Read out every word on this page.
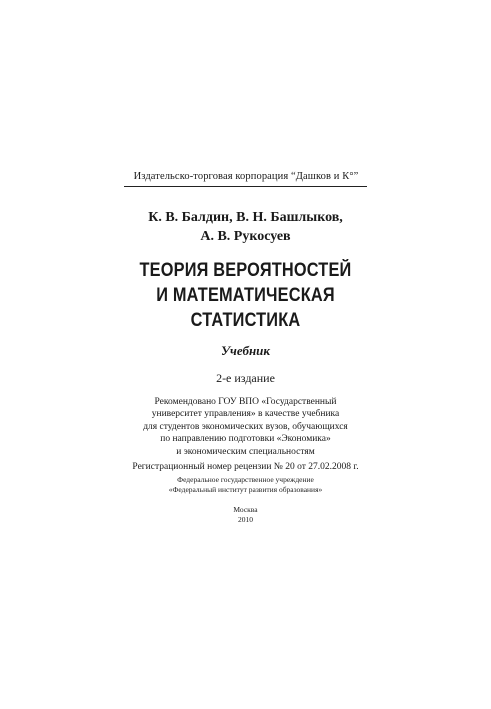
Издательско-торговая корпорация “Дашков и К°”
К. В. Балдин, В. Н. Башлыков,
А. В. Рукосуев
ТЕОРИЯ ВЕРОЯТНОСТЕЙ
И МАТЕМАТИЧЕСКАЯ
СТАТИСТИКА
Учебник
2-е издание
Рекомендовано ГОУ ВПО «Государственный
университет управления» в качестве учебника
для студентов экономических вузов, обучающихся
по направлению подготовки «Экономика»
и экономическим специальностям
Регистрационный номер рецензии № 20 от 27.02.2008 г.
Федеральное государственное учреждение
«Федеральный институт развития образования»
Москва
2010
